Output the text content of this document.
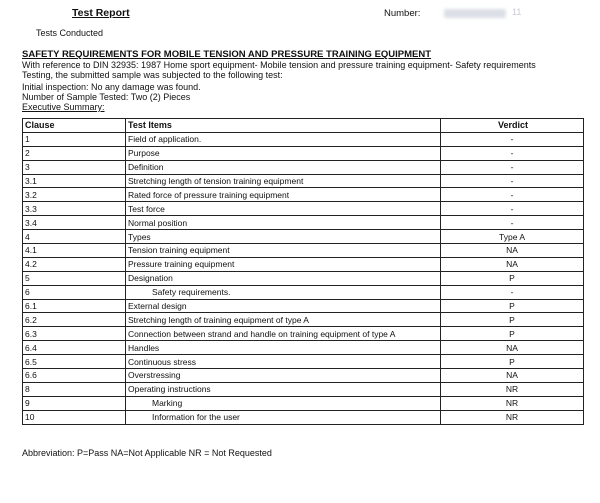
Test Report	Number:	11
Tests Conducted
SAFETY REQUIREMENTS FOR MOBILE TENSION AND PRESSURE TRAINING EQUIPMENT
With reference to DIN 32935: 1987 Home sport equipment- Mobile tension and pressure training equipment- Safety requirements
Testing, the submitted sample was subjected to the following test:
Initial inspection: No any damage was found.
Number of Sample Tested: Two (2) Pieces
Executive Summary:
Clause	Test Items	Verdict
1	Field of application.	-
2	Purpose	-
3	Definition	-
3.1	Stretching length of tension training equipment	-
3.2	Rated force of pressure training equipment	-
3.3	Test force	-
3.4	Normal position	-
4	Types	Type A
4.1	Tension training equipment	NA
4.2	Pressure training equipment	NA
5	Designation	P
6	Safety requirements.	-
6.1	External design	P
6.2	Stretching length of training equipment of type A	P
6.3	Connection between strand and handle on training equipment of type A	P
6.4	Handles	NA
6.5	Continuous stress	P
6.6	Overstressing	NA
8	Operating instructions	NR
9	Marking	NR
10	Information for the user	NR
Abbreviation: P=Pass NA=Not Applicable NR = Not Requested
